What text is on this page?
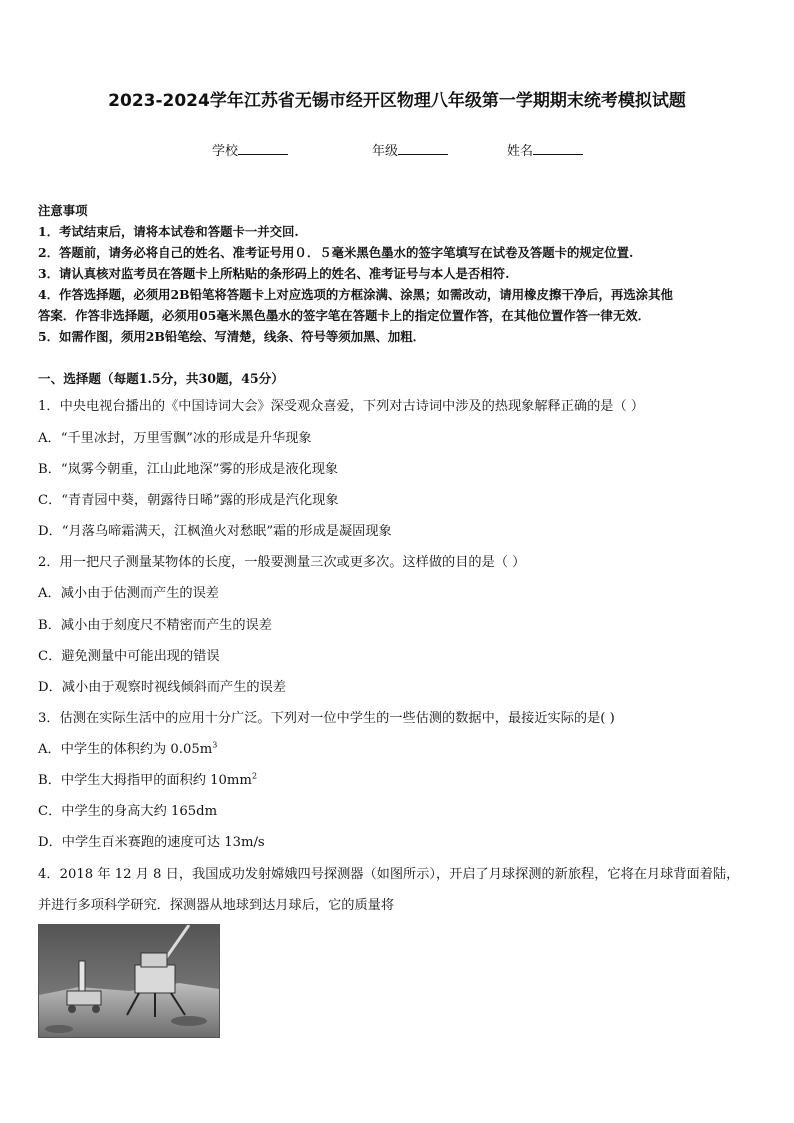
2023-2024学年江苏省无锡市经开区物理八年级第一学期期末统考模拟试题
学校	年级	姓名
注意事项
1．考试结束后，请将本试卷和答题卡一并交回.
2．答题前，请务必将自己的姓名、准考证号用０．５毫米黑色墨水的签字笔填写在试卷及答题卡的规定位置.
3．请认真核对监考员在答题卡上所粘贴的条形码上的姓名、准考证号与本人是否相符.
4．作答选择题，必须用2B铅笔将答题卡上对应选项的方框涂满、涂黑；如需改动，请用橡皮擦干净后，再选涂其他
答案．作答非选择题，必须用05毫米黑色墨水的签字笔在答题卡上的指定位置作答，在其他位置作答一律无效．
5．如需作图，须用2B铅笔绘、写清楚，线条、符号等须加黑、加粗．
一、选择题（每题1.5分，共30题，45分）
1．中央电视台播出的《中国诗词大会》深受观众喜爱，下列对古诗词中涉及的热现象解释正确的是（ ）
A．“千里冰封，万里雪飘”冰的形成是升华现象
B．“岚雾今朝重，江山此地深”雾的形成是液化现象
C．“青青园中葵，朝露待日晞”露的形成是汽化现象
D．“月落乌啼霜满天，江枫渔火对愁眠”霜的形成是凝固现象
2．用一把尺子测量某物体的长度，一般要测量三次或更多次。这样做的目的是（ ）
A．减小由于估测而产生的误差
B．减小由于刻度尺不精密而产生的误差
C．避免测量中可能出现的错误
D．减小由于观察时视线倾斜而产生的误差
3．估测在实际生活中的应用十分广泛。下列对一位中学生的一些估测的数据中，最接近实际的是( )
A．中学生的体积约为 $0.05m^3$
B．中学生大拇指甲的面积约 $10mm^2$
C．中学生的身高大约 165dm
D．中学生百米赛跑的速度可达 13m/s
4．2018 年 12 月 8 日，我国成功发射嫦娥四号探测器（如图所示），开启了月球探测的新旅程，它将在月球背面着陆，
并进行多项科学研究．探测器从地球到达月球后，它的质量将
